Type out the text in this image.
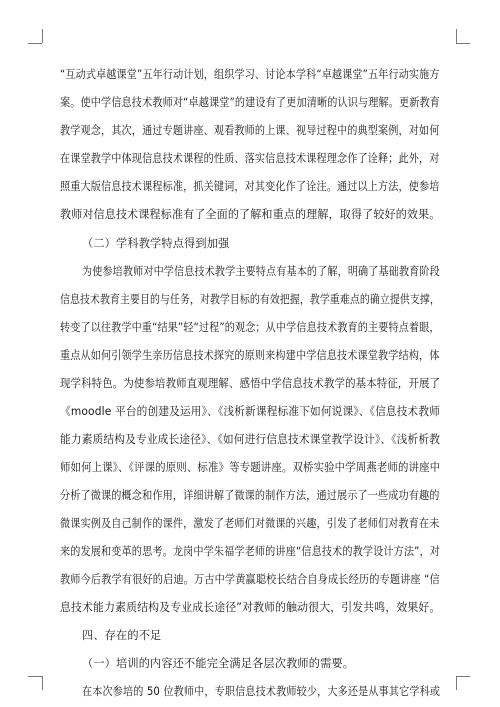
“互动式卓越课堂”五年行动计划，组织学习、讨论本学科“卓越课堂”五年行动实施方
案。使中学信息技术教师对“卓越课堂”的建设有了更加清晰的认识与理解。更新教育
教学观念，其次，通过专题讲座、观看教师的上课、视导过程中的典型案例，对如何
在课堂教学中体现信息技术课程的性质、落实信息技术课程理念作了诠释；此外，对
照重大版信息技术课程标准，抓关键词，对其变化作了诠注。通过以上方法，使参培
教师对信息技术课程标准有了全面的了解和重点的理解，取得了较好的效果。
（二）学科教学特点得到加强
为使参培教师对中学信息技术教学主要特点有基本的了解，明确了基础教育阶段
信息技术教育主要目的与任务，对教学目标的有效把握，教学重难点的确立提供支撑，
转变了以往教学中重“结果”轻“过程”的观念；从中学信息技术教育的主要特点着眼，
重点从如何引领学生亲历信息技术探究的原则来构建中学信息技术课堂教学结构，体
现学科特色。为使参培教师直观理解、感悟中学信息技术教学的基本特征，开展了
《moodle 平台的创建及运用》、《浅析新课程标准下如何说课》、《信息技术教师
能力素质结构及专业成长途径》、《如何进行信息技术课堂教学设计》、《浅析析教
师如何上课》、《评课的原则、标准》等专题讲座。双桥实验中学周燕老师的讲座中
分析了微课的概念和作用，详细讲解了微课的制作方法，通过展示了一些成功有趣的
微课实例及自己制作的课件，激发了老师们对微课的兴趣，引发了老师们对教育在未
来的发展和变革的思考。龙岗中学朱福学老师的讲座“信息技术的教学设计方法”，对
教师今后教学有很好的启迪。万古中学黄赢聪校长结合自身成长经历的专题讲座 “信
息技术能力素质结构及专业成长途径”对教师的触动很大，引发共鸣，效果好。
四、存在的不足
（一）培训的内容还不能完全满足各层次教师的需要。
在本次参培的 50 位教师中，专职信息技术教师较少，大多还是从事其它学科或
